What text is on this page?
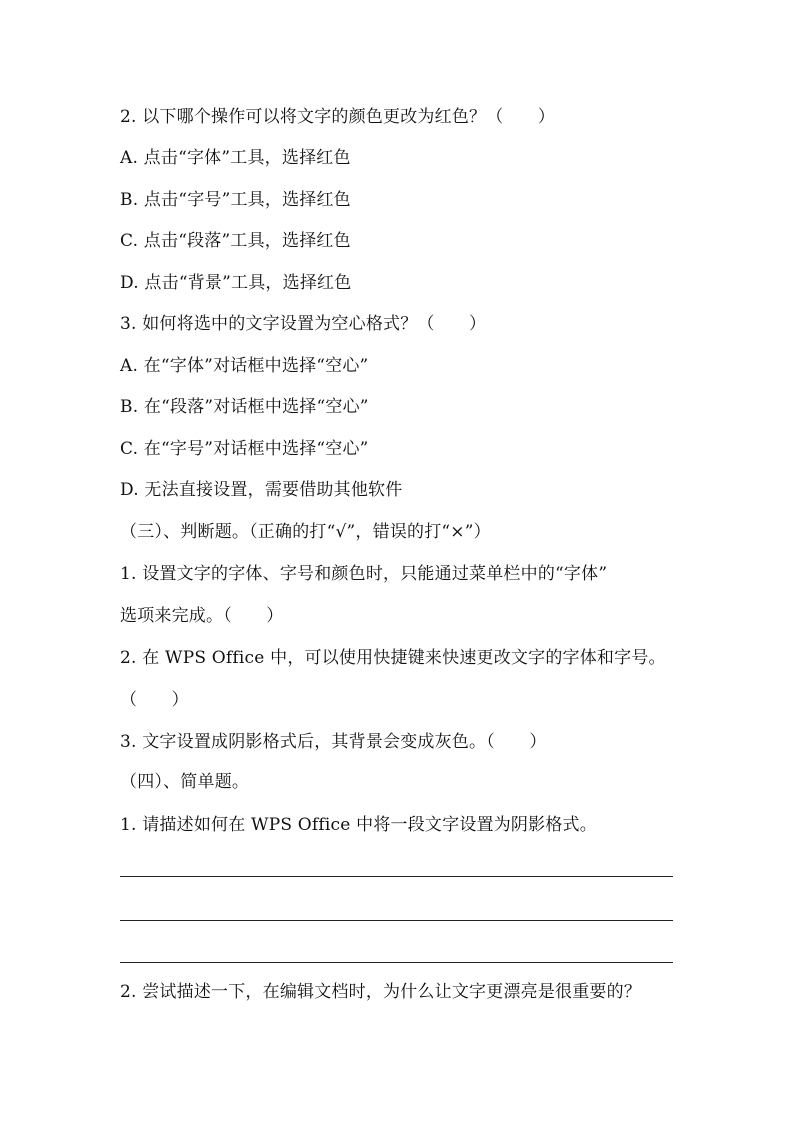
2. 以下哪个操作可以将文字的颜色更改为红色？（　　）
A. 点击“字体”工具，选择红色
B. 点击“字号”工具，选择红色
C. 点击“段落”工具，选择红色
D. 点击“背景”工具，选择红色
3. 如何将选中的文字设置为空心格式？（　　）
A. 在“字体”对话框中选择“空心”
B. 在“段落”对话框中选择“空心”
C. 在“字号”对话框中选择“空心”
D. 无法直接设置，需要借助其他软件
（三）、判断题。（正确的打“√”，错误的打“×”）
1. 设置文字的字体、字号和颜色时，只能通过菜单栏中的“字体”
选项来完成。（　　）
2. 在 WPS Office 中，可以使用快捷键来快速更改文字的字体和字号。
（　　）
3. 文字设置成阴影格式后，其背景会变成灰色。（　　）
（四）、简单题。
1. 请描述如何在 WPS Office 中将一段文字设置为阴影格式。
2. 尝试描述一下，在编辑文档时，为什么让文字更漂亮是很重要的？
